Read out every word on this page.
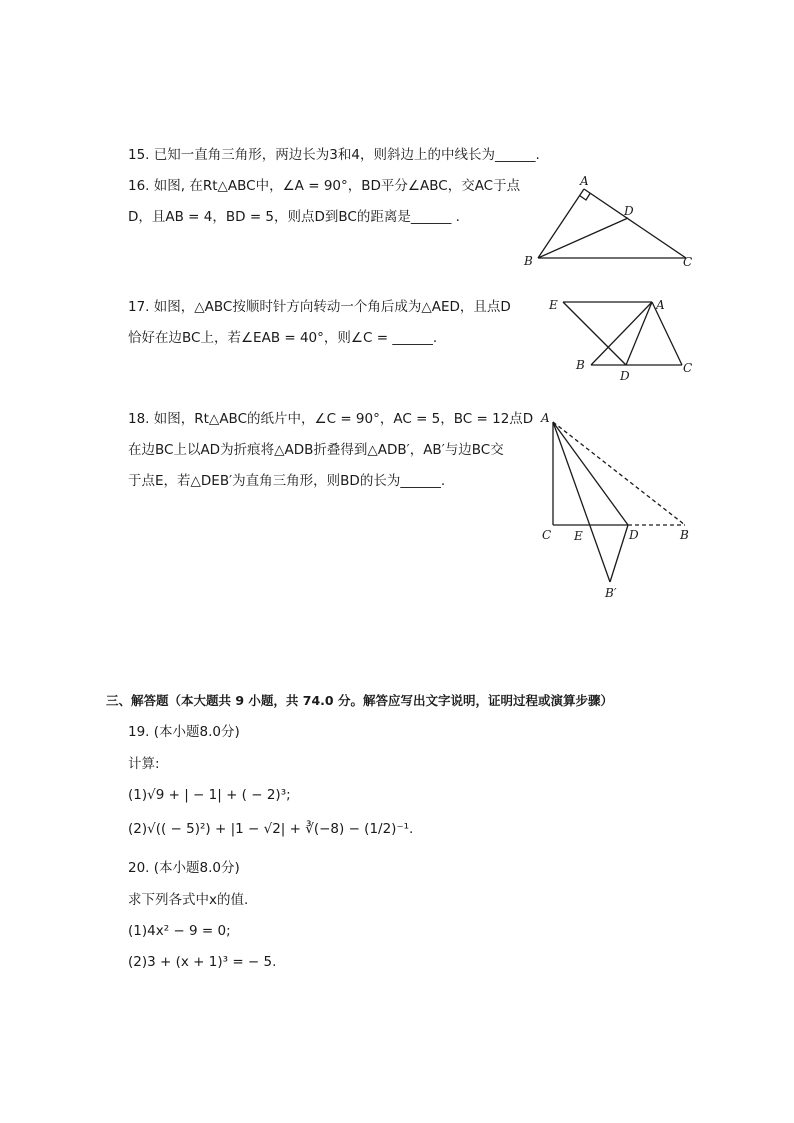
15. 已知一直角三角形，两边长为3和4，则斜边上的中线长为______.
16. 如图, 在Rt△ABC中，∠A = 90°，BD平分∠ABC，交AC于点
D，且AB = 4，BD = 5，则点D到BC的距离是______ .
A
B	C
D
17. 如图，△ABC按顺时针方向转动一个角后成为△AED，且点D
恰好在边BC上，若∠EAB = 40°，则∠C = ______.
E	A
B
D
C
18. 如图，Rt△ABC的纸片中，∠C = 90°，AC = 5，BC = 12点D
在边BC上以AD为折痕将△ADB折叠得到△ADB′，AB′与边BC交
于点E，若△DEB′为直角三角形，则BD的长为______.
A
C E	D	B
B′
三、解答题（本大题共 9 小题，共 74.0 分。解答应写出文字说明，证明过程或演算步骤）
19. (本小题8.0分)
计算:
(1)√9 + | − 1| + ( − 2)³;
(2)√(( − 5)²) + |1 − √2| + ∛(−8) − (1/2)⁻¹.
20. (本小题8.0分)
求下列各式中x的值.
(1)4x² − 9 = 0;
(2)3 + (x + 1)³ = − 5.
